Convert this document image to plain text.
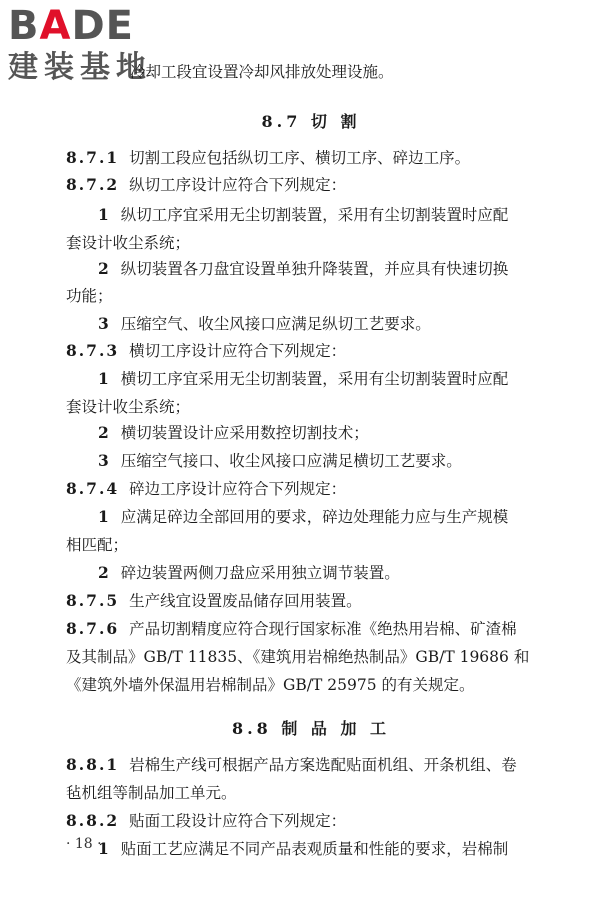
BADE
建装基地
冷却工段宜设置冷却风排放处理设施。
8.7 切 割
8.7.1 切割工段应包括纵切工序、横切工序、碎边工序。
8.7.2 纵切工序设计应符合下列规定：
1 纵切工序宜采用无尘切割装置，采用有尘切割装置时应配
套设计收尘系统；
2 纵切装置各刀盘宜设置单独升降装置，并应具有快速切换
功能；
3 压缩空气、收尘风接口应满足纵切工艺要求。
8.7.3 横切工序设计应符合下列规定：
1 横切工序宜采用无尘切割装置，采用有尘切割装置时应配
套设计收尘系统；
2 横切装置设计应采用数控切割技术；
3 压缩空气接口、收尘风接口应满足横切工艺要求。
8.7.4 碎边工序设计应符合下列规定：
1 应满足碎边全部回用的要求，碎边处理能力应与生产规模
相匹配；
2 碎边装置两侧刀盘应采用独立调节装置。
8.7.5 生产线宜设置废品储存回用装置。
8.7.6 产品切割精度应符合现行国家标准《绝热用岩棉、矿渣棉
及其制品》GB/T 11835、《建筑用岩棉绝热制品》GB/T 19686 和
《建筑外墙外保温用岩棉制品》GB/T 25975 的有关规定。
8.8 制 品 加 工
8.8.1 岩棉生产线可根据产品方案选配贴面机组、开条机组、卷
毡机组等制品加工单元。
8.8.2 贴面工段设计应符合下列规定：
1 贴面工艺应满足不同产品表观质量和性能的要求，岩棉制
· 18 ·
